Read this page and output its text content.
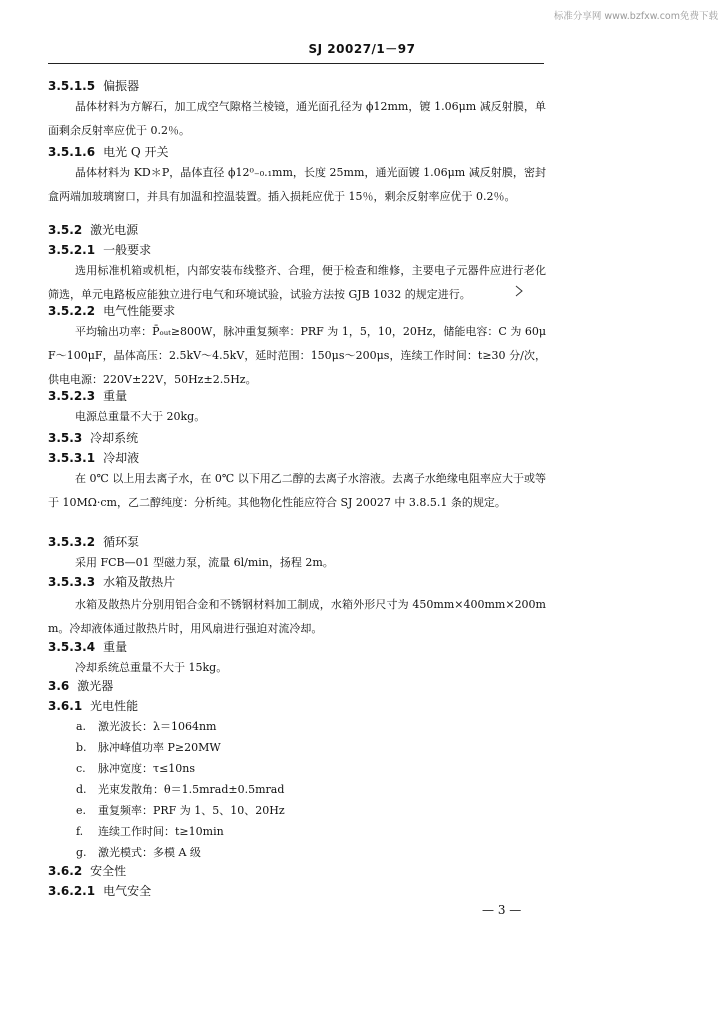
标准分享网 www.bzfxw.com免费下载
SJ 20027/1－97
3.5.1.5 偏振器
晶体材料为方解石，加工成空气隙格兰棱镜，通光面孔径为 ϕ12mm，镀 1.06μm 减反射膜，单面剩余反射率应优于 0.2％。
3.5.1.6 电光 Q 开关
晶体材料为 KD＊P，晶体直径 ϕ12⁰₋₀.₁mm，长度 25mm，通光面镀 1.06μm 减反射膜，密封盒两端加玻璃窗口，并具有加温和控温装置。插入损耗应优于 15％，剩余反射率应优于 0.2％。
3.5.2 激光电源
3.5.2.1 一般要求
选用标准机箱或机柜，内部安装布线整齐、合理，便于检查和维修，主要电子元器件应进行老化筛选，单元电路板应能独立进行电气和环境试验，试验方法按 GJB 1032 的规定进行。
3.5.2.2 电气性能要求
平均输出功率：P̄ₒᵤₜ≥800W，脉冲重复频率：PRF 为 1，5，10，20Hz，储能电容：C 为 60μF～100μF，晶体高压：2.5kV～4.5kV，延时范围：150μs～200μs，连续工作时间：t≥30 分/次，供电电源：220V±22V，50Hz±2.5Hz。
3.5.2.3 重量
电源总重量不大于 20kg。
3.5.3 冷却系统
3.5.3.1 冷却液
在 0℃ 以上用去离子水，在 0℃ 以下用乙二醇的去离子水溶液。去离子水绝缘电阻率应大于或等于 10MΩ·cm，乙二醇纯度：分析纯。其他物化性能应符合 SJ 20027 中 3.8.5.1 条的规定。
3.5.3.2 循环泵
采用 FCB—01 型磁力泵，流量 6l/min，扬程 2m。
3.5.3.3 水箱及散热片
水箱及散热片分别用铝合金和不锈钢材料加工制成，水箱外形尺寸为 450mm×400mm×200mm。冷却液体通过散热片时，用风扇进行强迫对流冷却。
3.5.3.4 重量
冷却系统总重量不大于 15kg。
3.6 激光器
3.6.1 光电性能
a. 激光波长：λ＝1064nm
b. 脉冲峰值功率 P≥20MW
c. 脉冲宽度：τ≤10ns
d. 光束发散角：θ＝1.5mrad±0.5mrad
e. 重复频率：PRF 为 1、5、10、20Hz
f. 连续工作时间：t≥10min
g. 激光模式：多模 A 级
3.6.2 安全性
3.6.2.1 电气安全
— 3 —
